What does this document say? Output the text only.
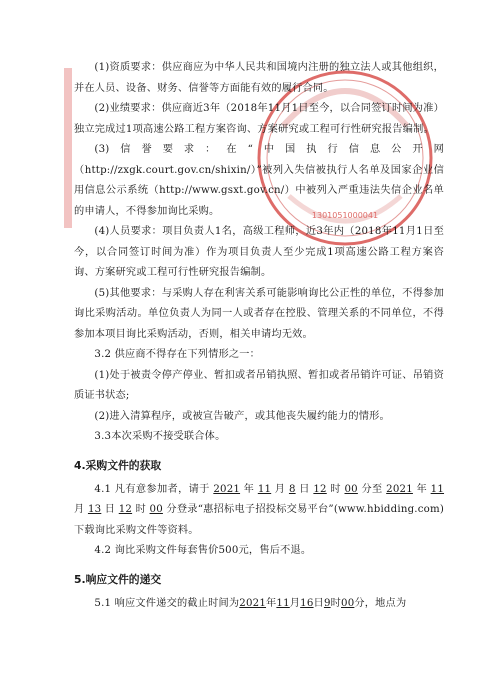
1301051000041

(1)资质要求：供应商应为中华人民共和国境内注册的独立法人或其他组织，并在人员、设备、财务、信誉等方面能有效的履行合同。

(2)业绩要求：供应商近3年（2018年11月1日至今，以合同签订时间为准）独立完成过1项高速公路工程方案咨询、方案研究或工程可行性研究报告编制。

(3)信誉要求：在“中国执行信息公开网（http://zxgk.court.gov.cn/shixin/）”被列入失信被执行人名单及国家企业信用信息公示系统（http://www.gsxt.gov.cn/）中被列入严重违法失信企业名单的申请人，不得参加询比采购。

(4)人员要求：项目负责人1名，高级工程师，近3年内（2018年11月1日至今，以合同签订时间为准）作为项目负责人至少完成1项高速公路工程方案咨询、方案研究或工程可行性研究报告编制。

(5)其他要求：与采购人存在利害关系可能影响询比公正性的单位，不得参加询比采购活动。单位负责人为同一人或者存在控股、管理关系的不同单位，不得参加本项目询比采购活动，否则，相关申请均无效。

3.2 供应商不得存在下列情形之一：

(1)处于被责令停产停业、暂扣或者吊销执照、暂扣或者吊销许可证、吊销资质证书状态;

(2)进入清算程序，或被宣告破产，或其他丧失履约能力的情形。

3.3本次采购不接受联合体。

4.采购文件的获取

4.1 凡有意参加者，请于 2021 年 11 月 8 日 12 时 00 分至 2021 年 11 月 13 日 12 时 00 分登录“惠招标电子招投标交易平台”(www.hbidding.com)下载询比采购文件等资料。

4.2 询比采购文件每套售价500元，售后不退。

5.响应文件的递交

5.1 响应文件递交的截止时间为2021年11月16日9时00分，地点为
